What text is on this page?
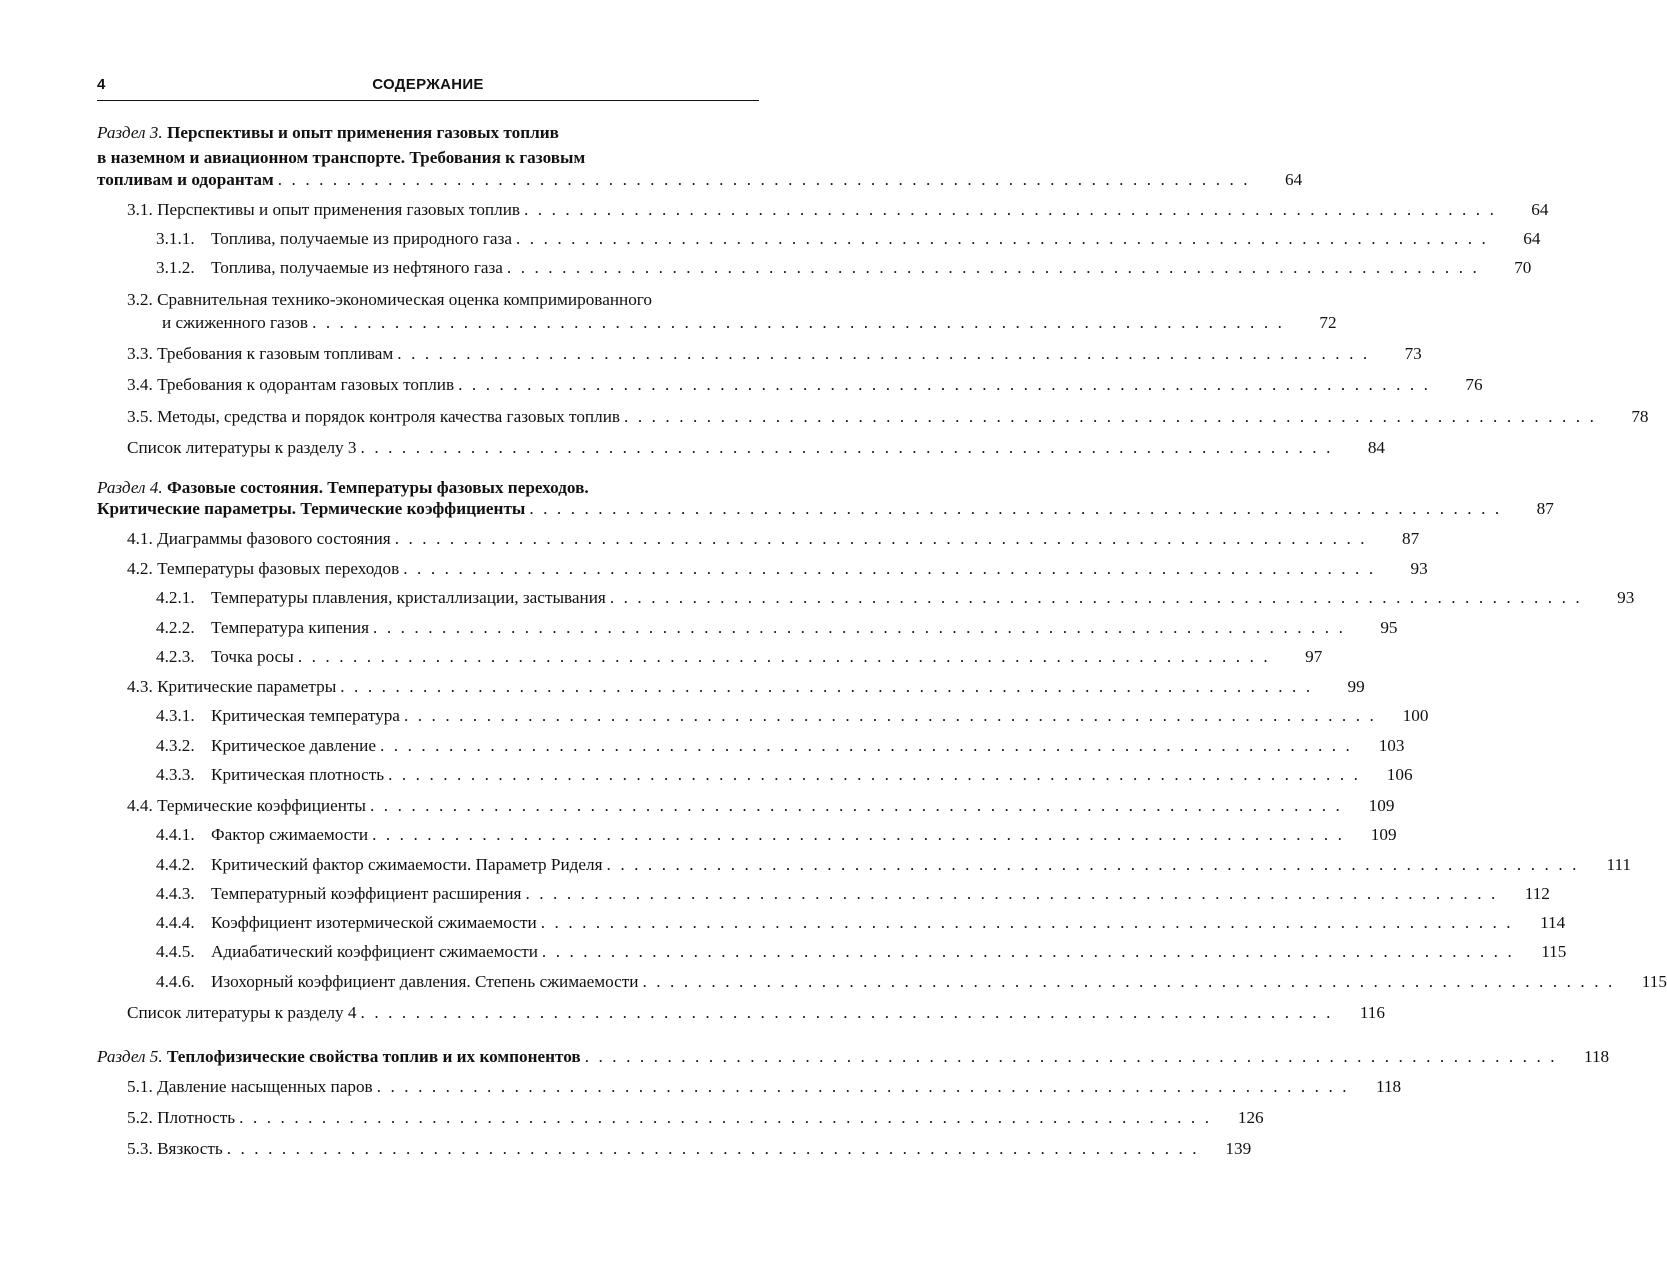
4	СОДЕРЖАНИЕ
Раздел 3. Перспективы и опыт применения газовых топлив
в наземном и авиационном транспорте. Требования к газовым
топливам и одорантам . . . . . . . . . . . . . . . . . . . . . . . . . . . . . . . . . . . . . . . . . . . . . . . . . . . . . . . . . . . . . . . . . . . . . . .	64
3.1. Перспективы и опыт применения газовых топлив . . . . . . . . . . . . . . . . . . . . . . . . . . . . . . . . . . . . . . . . . . . . . . . . . . . . . . . . . . . . . . . . . . . . . . .	64
3.1.1. Топлива, получаемые из природного газа . . . . . . . . . . . . . . . . . . . . . . . . . . . . . . . . . . . . . . . . . . . . . . . . . . . . . . . . . . . . . . . . . . . . . . .	64
3.1.2. Топлива, получаемые из нефтяного газа . . . . . . . . . . . . . . . . . . . . . . . . . . . . . . . . . . . . . . . . . . . . . . . . . . . . . . . . . . . . . . . . . . . . . . .	70
3.2. Сравнительная технико-экономическая оценка компримированного
и сжиженного газов . . . . . . . . . . . . . . . . . . . . . . . . . . . . . . . . . . . . . . . . . . . . . . . . . . . . . . . . . . . . . . . . . . . . . . .	72
3.3. Требования к газовым топливам . . . . . . . . . . . . . . . . . . . . . . . . . . . . . . . . . . . . . . . . . . . . . . . . . . . . . . . . . . . . . . . . . . . . . . .	73
3.4. Требования к одорантам газовых топлив . . . . . . . . . . . . . . . . . . . . . . . . . . . . . . . . . . . . . . . . . . . . . . . . . . . . . . . . . . . . . . . . . . . . . . .	76
3.5. Методы, средства и порядок контроля качества газовых топлив . . . . . . . . . . . . . . . . . . . . . . . . . . . . . . . . . . . . . . . . . . . . . . . . . . . . . . . . . . . . . . . . . . . . . . .	78
Список литературы к разделу 3 . . . . . . . . . . . . . . . . . . . . . . . . . . . . . . . . . . . . . . . . . . . . . . . . . . . . . . . . . . . . . . . . . . . . . . .	84
Раздел 4. Фазовые состояния. Температуры фазовых переходов.
Критические параметры. Термические коэффициенты . . . . . . . . . . . . . . . . . . . . . . . . . . . . . . . . . . . . . . . . . . . . . . . . . . . . . . . . . . . . . . . . . . . . . . .	87
4.1. Диаграммы фазового состояния . . . . . . . . . . . . . . . . . . . . . . . . . . . . . . . . . . . . . . . . . . . . . . . . . . . . . . . . . . . . . . . . . . . . . . .	87
4.2. Температуры фазовых переходов . . . . . . . . . . . . . . . . . . . . . . . . . . . . . . . . . . . . . . . . . . . . . . . . . . . . . . . . . . . . . . . . . . . . . . .	93
4.2.1. Температуры плавления, кристаллизации, застывания . . . . . . . . . . . . . . . . . . . . . . . . . . . . . . . . . . . . . . . . . . . . . . . . . . . . . . . . . . . . . . . . . . . . . . .	93
4.2.2. Температура кипения . . . . . . . . . . . . . . . . . . . . . . . . . . . . . . . . . . . . . . . . . . . . . . . . . . . . . . . . . . . . . . . . . . . . . . .	95
4.2.3. Точка росы . . . . . . . . . . . . . . . . . . . . . . . . . . . . . . . . . . . . . . . . . . . . . . . . . . . . . . . . . . . . . . . . . . . . . . .	97
4.3. Критические параметры . . . . . . . . . . . . . . . . . . . . . . . . . . . . . . . . . . . . . . . . . . . . . . . . . . . . . . . . . . . . . . . . . . . . . . .	99
4.3.1. Критическая температура . . . . . . . . . . . . . . . . . . . . . . . . . . . . . . . . . . . . . . . . . . . . . . . . . . . . . . . . . . . . . . . . . . . . . . .	100
4.3.2. Критическое давление . . . . . . . . . . . . . . . . . . . . . . . . . . . . . . . . . . . . . . . . . . . . . . . . . . . . . . . . . . . . . . . . . . . . . . .	103
4.3.3. Критическая плотность . . . . . . . . . . . . . . . . . . . . . . . . . . . . . . . . . . . . . . . . . . . . . . . . . . . . . . . . . . . . . . . . . . . . . . .	106
4.4. Термические коэффициенты . . . . . . . . . . . . . . . . . . . . . . . . . . . . . . . . . . . . . . . . . . . . . . . . . . . . . . . . . . . . . . . . . . . . . . .	109
4.4.1. Фактор сжимаемости . . . . . . . . . . . . . . . . . . . . . . . . . . . . . . . . . . . . . . . . . . . . . . . . . . . . . . . . . . . . . . . . . . . . . . .	109
4.4.2. Критический фактор сжимаемости. Параметр Риделя . . . . . . . . . . . . . . . . . . . . . . . . . . . . . . . . . . . . . . . . . . . . . . . . . . . . . . . . . . . . . . . . . . . . . . .	111
4.4.3. Температурный коэффициент расширения . . . . . . . . . . . . . . . . . . . . . . . . . . . . . . . . . . . . . . . . . . . . . . . . . . . . . . . . . . . . . . . . . . . . . . .	112
4.4.4. Коэффициент изотермической сжимаемости . . . . . . . . . . . . . . . . . . . . . . . . . . . . . . . . . . . . . . . . . . . . . . . . . . . . . . . . . . . . . . . . . . . . . . .	114
4.4.5. Адиабатический коэффициент сжимаемости . . . . . . . . . . . . . . . . . . . . . . . . . . . . . . . . . . . . . . . . . . . . . . . . . . . . . . . . . . . . . . . . . . . . . . .	115
4.4.6. Изохорный коэффициент давления. Степень сжимаемости . . . . . . . . . . . . . . . . . . . . . . . . . . . . . . . . . . . . . . . . . . . . . . . . . . . . . . . . . . . . . . . . . . . . . . .	115
Список литературы к разделу 4 . . . . . . . . . . . . . . . . . . . . . . . . . . . . . . . . . . . . . . . . . . . . . . . . . . . . . . . . . . . . . . . . . . . . . . .	116
Раздел 5. Теплофизические свойства топлив и их компонентов . . . . . . . . . . . . . . . . . . . . . . . . . . . . . . . . . . . . . . . . . . . . . . . . . . . . . . . . . . . . . . . . . . . . . . .	118
5.1. Давление насыщенных паров . . . . . . . . . . . . . . . . . . . . . . . . . . . . . . . . . . . . . . . . . . . . . . . . . . . . . . . . . . . . . . . . . . . . . . .	118
5.2. Плотность . . . . . . . . . . . . . . . . . . . . . . . . . . . . . . . . . . . . . . . . . . . . . . . . . . . . . . . . . . . . . . . . . . . . . . .	126
5.3. Вязкость . . . . . . . . . . . . . . . . . . . . . . . . . . . . . . . . . . . . . . . . . . . . . . . . . . . . . . . . . . . . . . . . . . . . . . .	139
